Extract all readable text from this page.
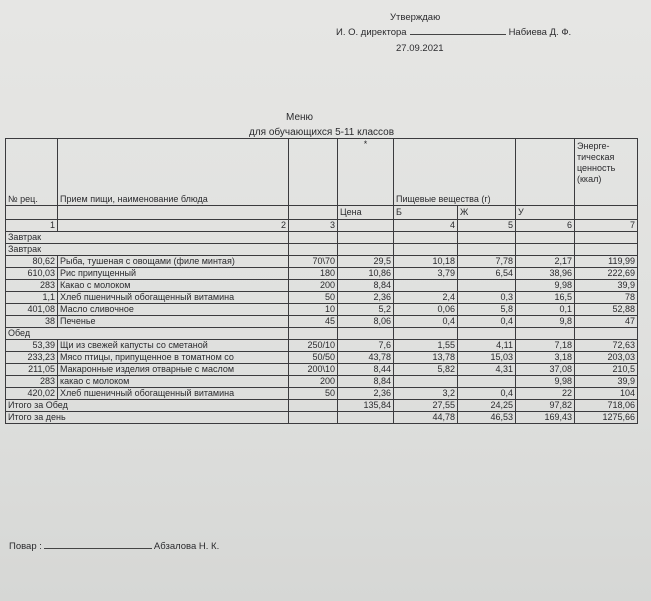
Утверждаю
И. О. директора	Набиева Д. Ф.
27.09.2021
Меню
для обучающихся 5-11 классов
№ рец.	Прием пищи, наименование блюда		*	Пищевые вещества (г)			Энерге-тическая ценность (ккал)
			Цена	Б	Ж	У	
1	2	3		4	5	6	7
Завтрак							
Завтрак							
80,62	Рыба, тушеная с овощами (филе минтая)	70\70	29,5	10,18	7,78	2,17	119,99
610,03	Рис припущенный	180	10,86	3,79	6,54	38,96	222,69
283	Какао с молоком	200	8,84			9,98	39,9
1,1	Хлеб пшеничный обогащенный витамина	50	2,36	2,4	0,3	16,5	78
401,08	Масло сливочное	10	5,2	0,06	5,8	0,1	52,88
38	Печенье	45	8,06	0,4	0,4	9,8	47
Обед							
53,39	Щи из свежей капусты со сметаной	250/10	7,6	1,55	4,11	7,18	72,63
233,23	Мясо птицы, припущенное в томатном со	50/50	43,78	13,78	15,03	3,18	203,03
211,05	Макаронные изделия отварные с маслом	200\10	8,44	5,82	4,31	37,08	210,5
283	какао с молоком	200	8,84			9,98	39,9
420,02	Хлеб пшеничный обогащенный витамина	50	2,36	3,2	0,4	22	104
Итого за Обед			135,84	27,55	24,25	97,82	718,06
Итого за день				44,78	46,53	169,43	1275,66
Повар :	Абзалова Н. К.
